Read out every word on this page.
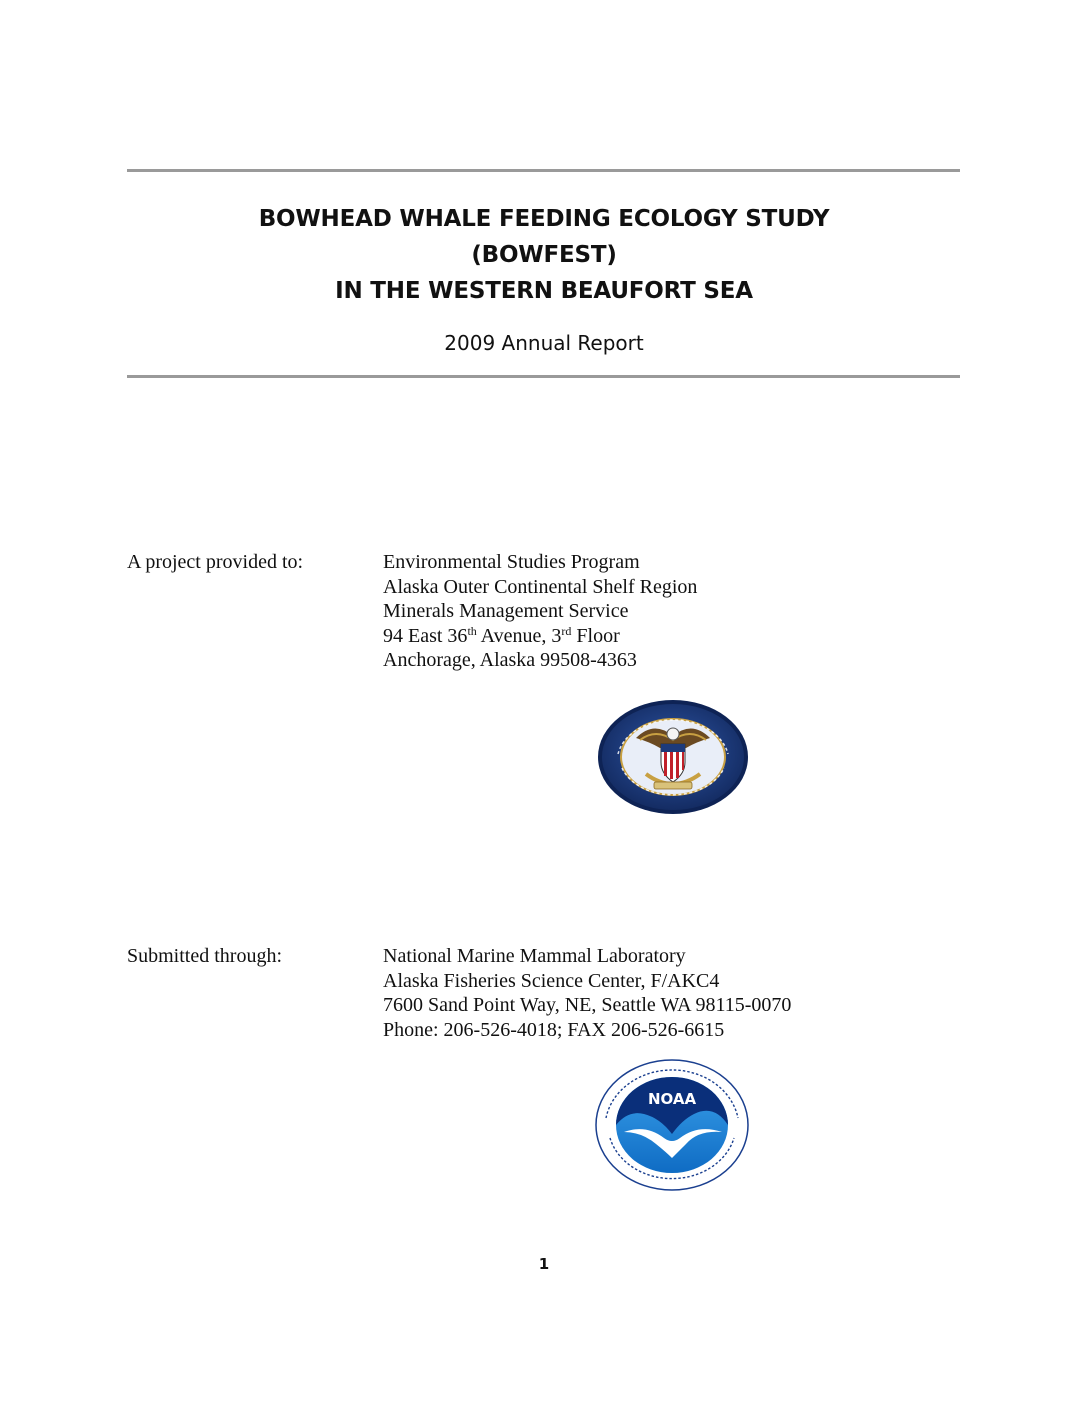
BOWHEAD WHALE FEEDING ECOLOGY STUDY
(BOWFEST)
IN THE WESTERN BEAUFORT SEA
2009 Annual Report
A project provided to:	Environmental Studies Program
Alaska Outer Continental Shelf Region
Minerals Management Service
94 East 36th Avenue, 3rd Floor
Anchorage, Alaska 99508-4363
Submitted through:	National Marine Mammal Laboratory
Alaska Fisheries Science Center, F/AKC4
7600 Sand Point Way, NE, Seattle WA 98115-0070
Phone: 206-526-4018; FAX 206-526-6615
NOAA
1
